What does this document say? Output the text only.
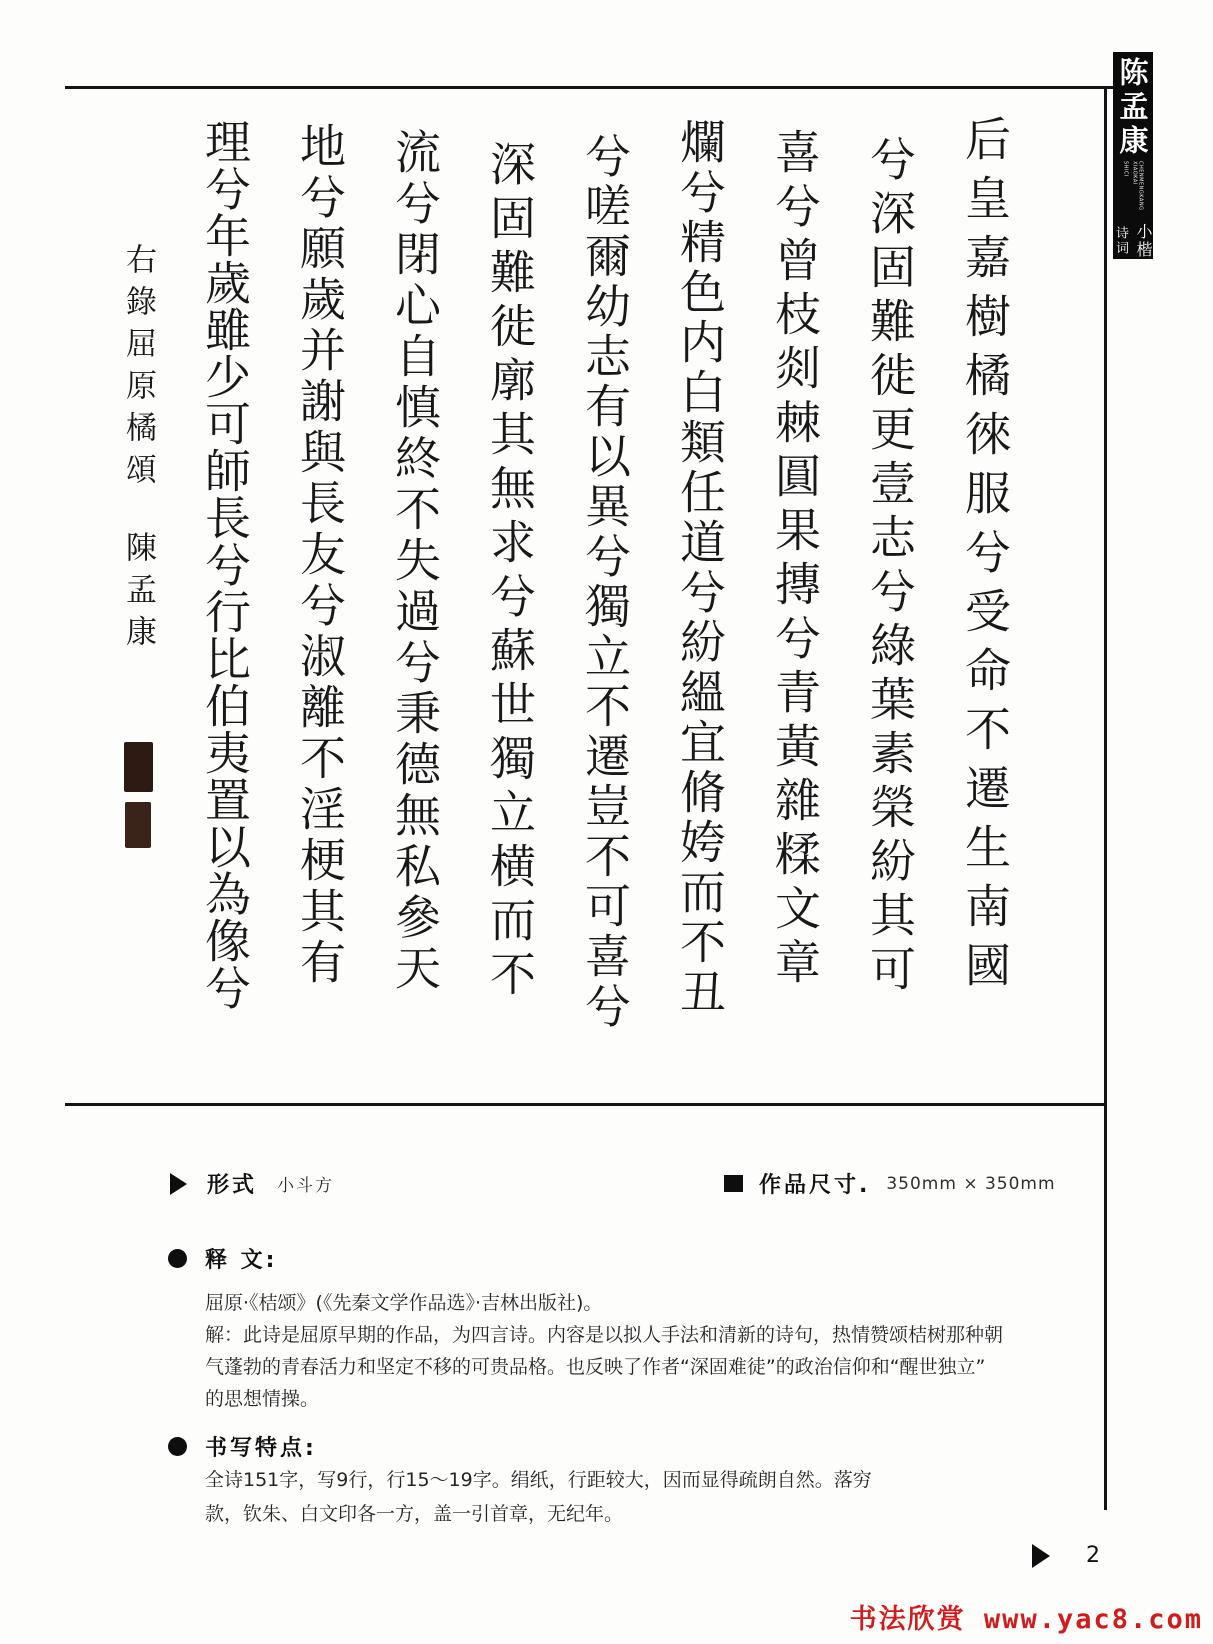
陈孟康
CHENMENGKANG XIAOKAI
SHICI
小楷
诗词
后皇嘉樹橘徠服兮受命不遷生南國
兮深固難徙更壹志兮綠葉素榮紛其可
喜兮曾枝剡棘圓果摶兮青黃雜糅文章
爛兮精色内白類任道兮紛縕宜脩姱而不丑
兮嗟爾幼志有以異兮獨立不遷豈不可喜兮
深固難徙廓其無求兮蘇世獨立横而不
流兮閉心自慎終不失過兮秉德無私參天
地兮願歲并謝與長友兮淑離不淫梗其有
理兮年歲雖少可師長兮行比伯夷置以為像兮
右錄屈原橘頌陳孟康
形式 小斗方	作品尺寸. 350mm × 350mm
释 文:
屈原·《桔颂》(《先秦文学作品选》·吉林出版社)。
解：此诗是屈原早期的作品，为四言诗。内容是以拟人手法和清新的诗句，热情赞颂桔树那种朝
气蓬勃的青春活力和坚定不移的可贵品格。也反映了作者“深固难徒”的政治信仰和“醒世独立”
的思想情操。
书写特点:
全诗151字，写9行，行15～19字。绢纸，行距较大，因而显得疏朗自然。落穷
款，钦朱、白文印各一方，盖一引首章，无纪年。
2
书法欣赏 www.yac8.com
